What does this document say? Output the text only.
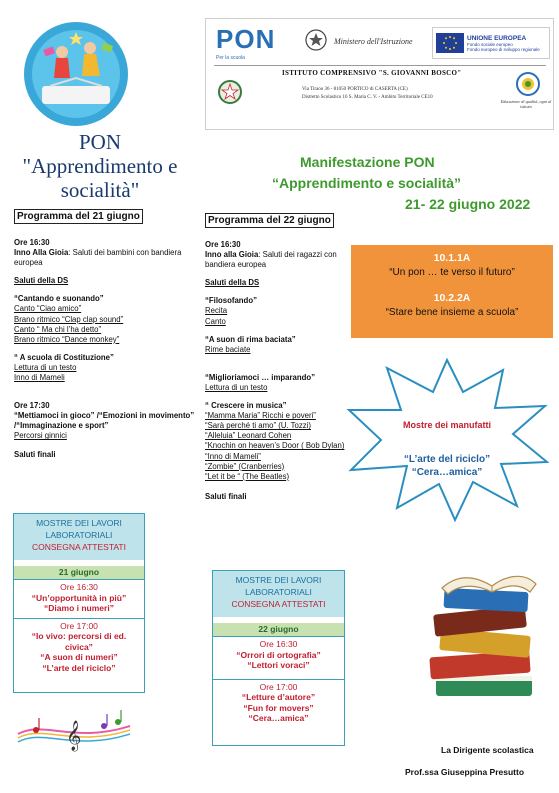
PON
Per la scuola
Ministero dell'Istruzione	UNIONE EUROPEA
Fondo sociale europeo
Fondo europeo di sviluppo regionale
ISTITUTO COMPRENSIVO "S. GIOVANNI BOSCO"
Via Tiraoo 36 - 81050 PORTICO di CASERTA (CE)
Distretto Scolastico 16 S. Maria C. V. - Ambito Territoriale CE10
Educazione di qualità, ogni al istituto
PON
"Apprendimento e socialità"
Manifestazione PON
“Apprendimento e socialità”
21- 22 giugno 2022
Programma del 21 giugno
Ore 16:30
Inno Alla Gioia: Saluti dei bambini con bandiera europea
Saluti della DS
“Cantando e suonando”
Canto “Ciao amico”
Brano ritmico “Clap clap sound”
Canto “ Ma chi l’ha detto”
Brano ritmico “Dance monkey”
“ A scuola di Costituzione”
Lettura di un testo
Inno di Mameli
Ore 17:30
“Mettiamoci in gioco” /“Emozioni in movimento” /“Immaginazione e sport”
Percorsi ginnici
Saluti finali
Programma del 22 giugno
Ore 16:30
Inno alla Gioia: Saluti dei ragazzi con bandiera europea
Saluti della DS
“Filosofando”
Recita
Canto
“A suon di rima baciata”
Rime baciate
“Miglioriamoci … imparando”
Lettura di un testo
“ Crescere in musica”
“Mamma Maria” Ricchi e poveri”
“Sarà perché ti amo” (U. Tozzi)
“Alleluia” Leonard Cohen
“Knochin on heaven’s Door ( Bob Dylan)
“Inno di Mameli”
“Zombie” (Cranberries)
“Let it be “ (The Beatles)
Saluti finali
10.1.1A
“Un pon … te verso il futuro”
10.2.2A
“Stare bene insieme a scuola”
Mostre dei manufatti
“L’arte del riciclo”
“Cera…amica”
MOSTRE DEI LAVORI
LABORATORIALI
CONSEGNA ATTESTATI
21 giugno
Ore 16:30
“Un’opportunità in più”
“Diamo i numeri”
Ore 17:00
“Io vivo: percorsi di ed.
civica”
“A suon di numeri”
“L’arte del riciclo”
𝄞
MOSTRE DEI LAVORI
LABORATORIALI
CONSEGNA ATTESTATI
22 giugno
Ore 16:30
“Orrori di ortografia”
“Lettori voraci”
Ore 17:00
“Letture d’autore”
“Fun for movers”
“Cera…amica”
La Dirigente scolastica
Prof.ssa Giuseppina Presutto
